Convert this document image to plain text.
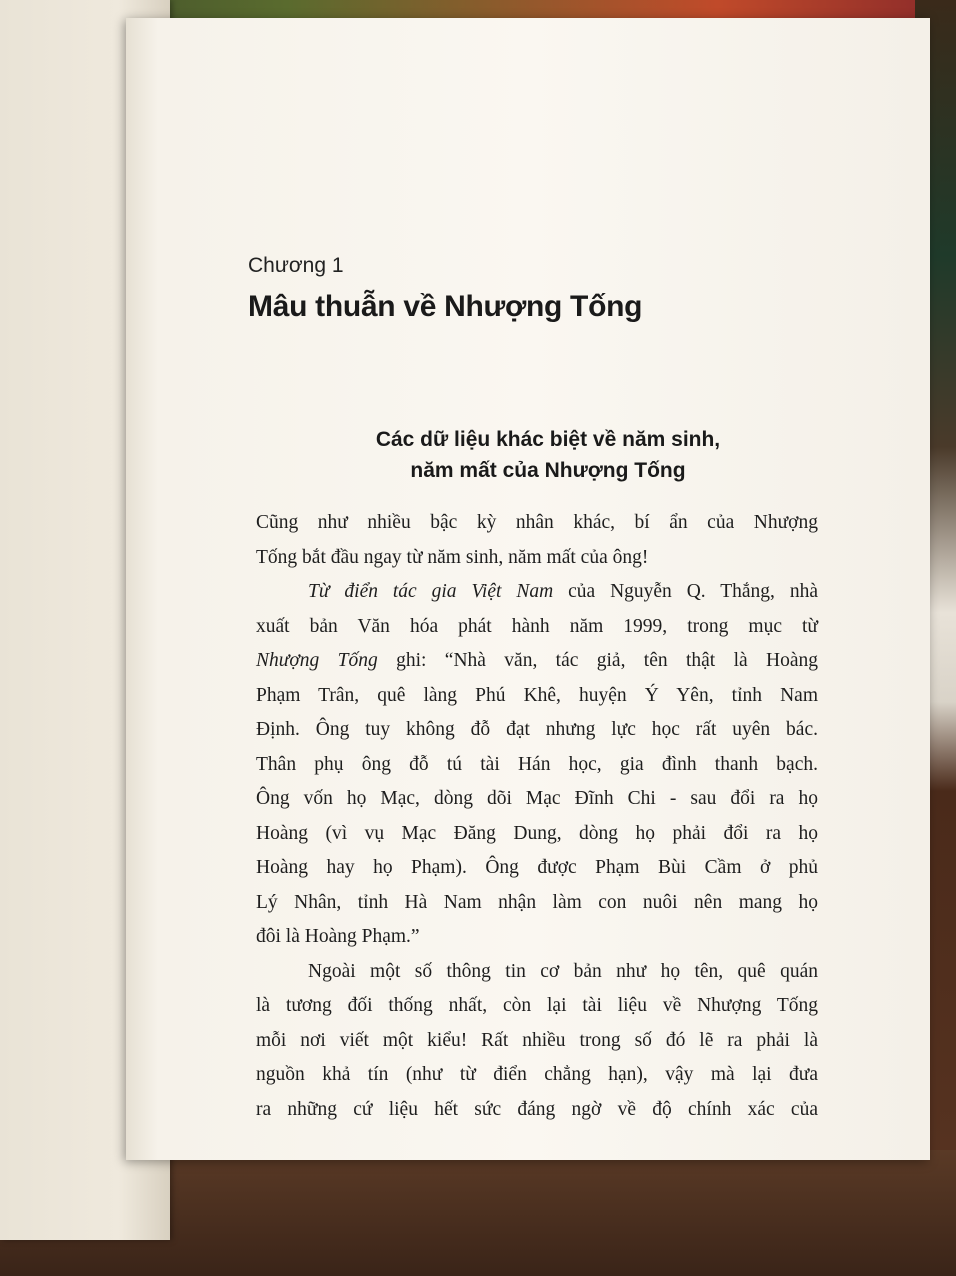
Chương 1
Mâu thuẫn về Nhượng Tống
Các dữ liệu khác biệt về năm sinh,
năm mất của Nhượng Tống
Cũng như nhiều bậc kỳ nhân khác, bí ẩn của Nhượng
Tống bắt đầu ngay từ năm sinh, năm mất của ông!
Từ điển tác gia Việt Nam của Nguyễn Q. Thắng, nhà
xuất bản Văn hóa phát hành năm 1999, trong mục từ
Nhượng Tống ghi: “Nhà văn, tác giả, tên thật là Hoàng
Phạm Trân, quê làng Phú Khê, huyện Ý Yên, tỉnh Nam
Định. Ông tuy không đỗ đạt nhưng lực học rất uyên bác.
Thân phụ ông đỗ tú tài Hán học, gia đình thanh bạch.
Ông vốn họ Mạc, dòng dõi Mạc Đĩnh Chi - sau đổi ra họ
Hoàng (vì vụ Mạc Đăng Dung, dòng họ phải đổi ra họ
Hoàng hay họ Phạm). Ông được Phạm Bùi Cầm ở phủ
Lý Nhân, tỉnh Hà Nam nhận làm con nuôi nên mang họ
đôi là Hoàng Phạm.”
Ngoài một số thông tin cơ bản như họ tên, quê quán
là tương đối thống nhất, còn lại tài liệu về Nhượng Tống
mỗi nơi viết một kiểu! Rất nhiều trong số đó lẽ ra phải là
nguồn khả tín (như từ điển chẳng hạn), vậy mà lại đưa
ra những cứ liệu hết sức đáng ngờ về độ chính xác của
